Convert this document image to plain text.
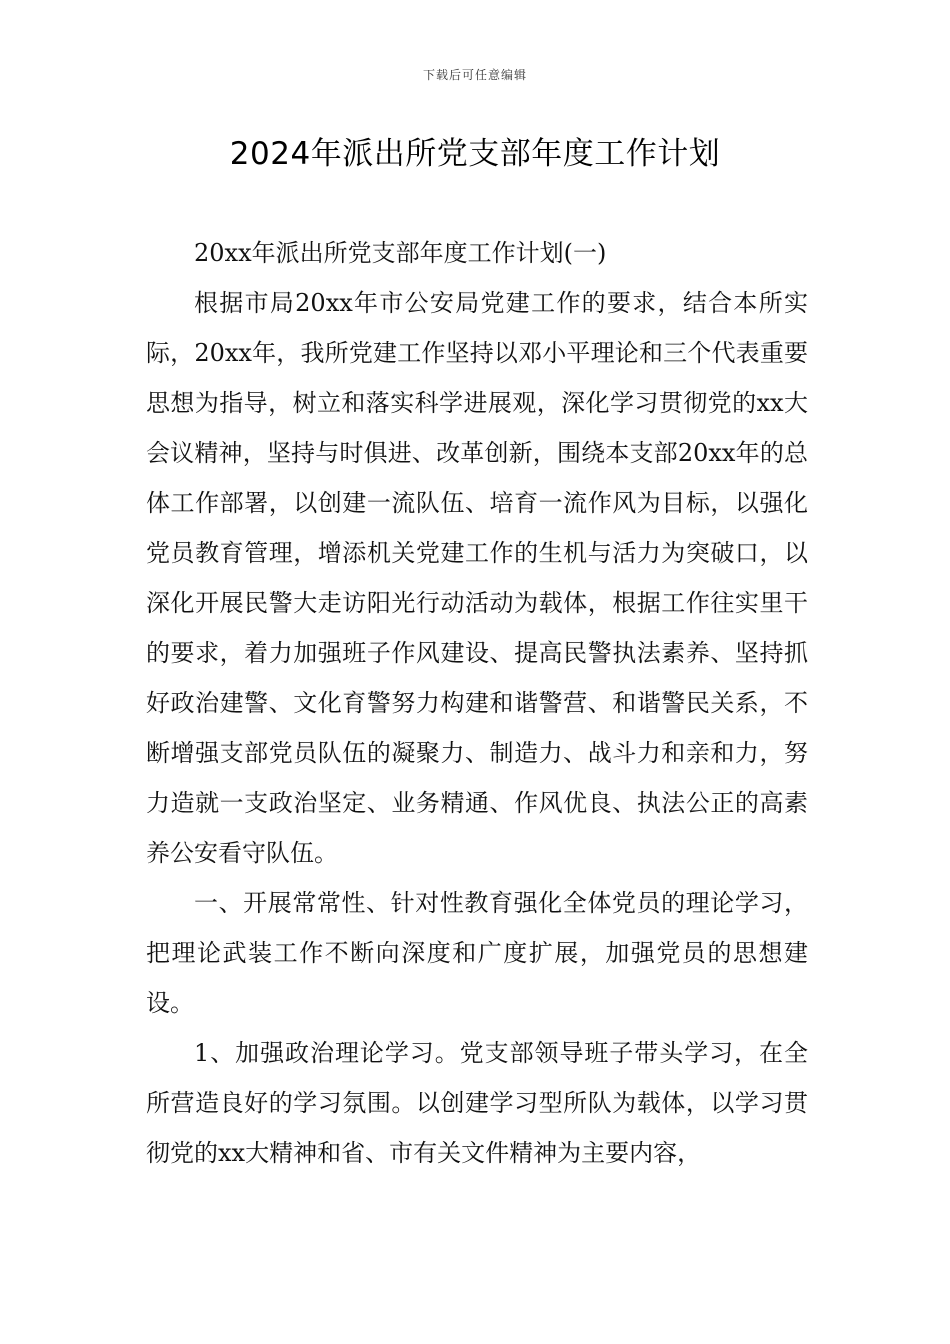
下载后可任意编辑
2024年派出所党支部年度工作计划

20xx年派出所党支部年度工作计划(一)

根据市局20xx年市公安局党建工作的要求，结合本所实际，20xx年，我所党建工作坚持以邓小平理论和三个代表重要思想为指导，树立和落实科学进展观，深化学习贯彻党的xx大会议精神，坚持与时俱进、改革创新，围绕本支部20xx年的总体工作部署，以创建一流队伍、培育一流作风为目标，以强化党员教育管理，增添机关党建工作的生机与活力为突破口，以深化开展民警大走访阳光行动活动为载体，根据工作往实里干的要求，着力加强班子作风建设、提高民警执法素养、坚持抓好政治建警、文化育警努力构建和谐警营、和谐警民关系，不断增强支部党员队伍的凝聚力、制造力、战斗力和亲和力，努力造就一支政治坚定、业务精通、作风优良、执法公正的高素养公安看守队伍。

一、开展常常性、针对性教育强化全体党员的理论学习，把理论武装工作不断向深度和广度扩展，加强党员的思想建设。

1、加强政治理论学习。党支部领导班子带头学习，在全所营造良好的学习氛围。以创建学习型所队为载体，以学习贯彻党的xx大精神和省、市有关文件精神为主要内容，
